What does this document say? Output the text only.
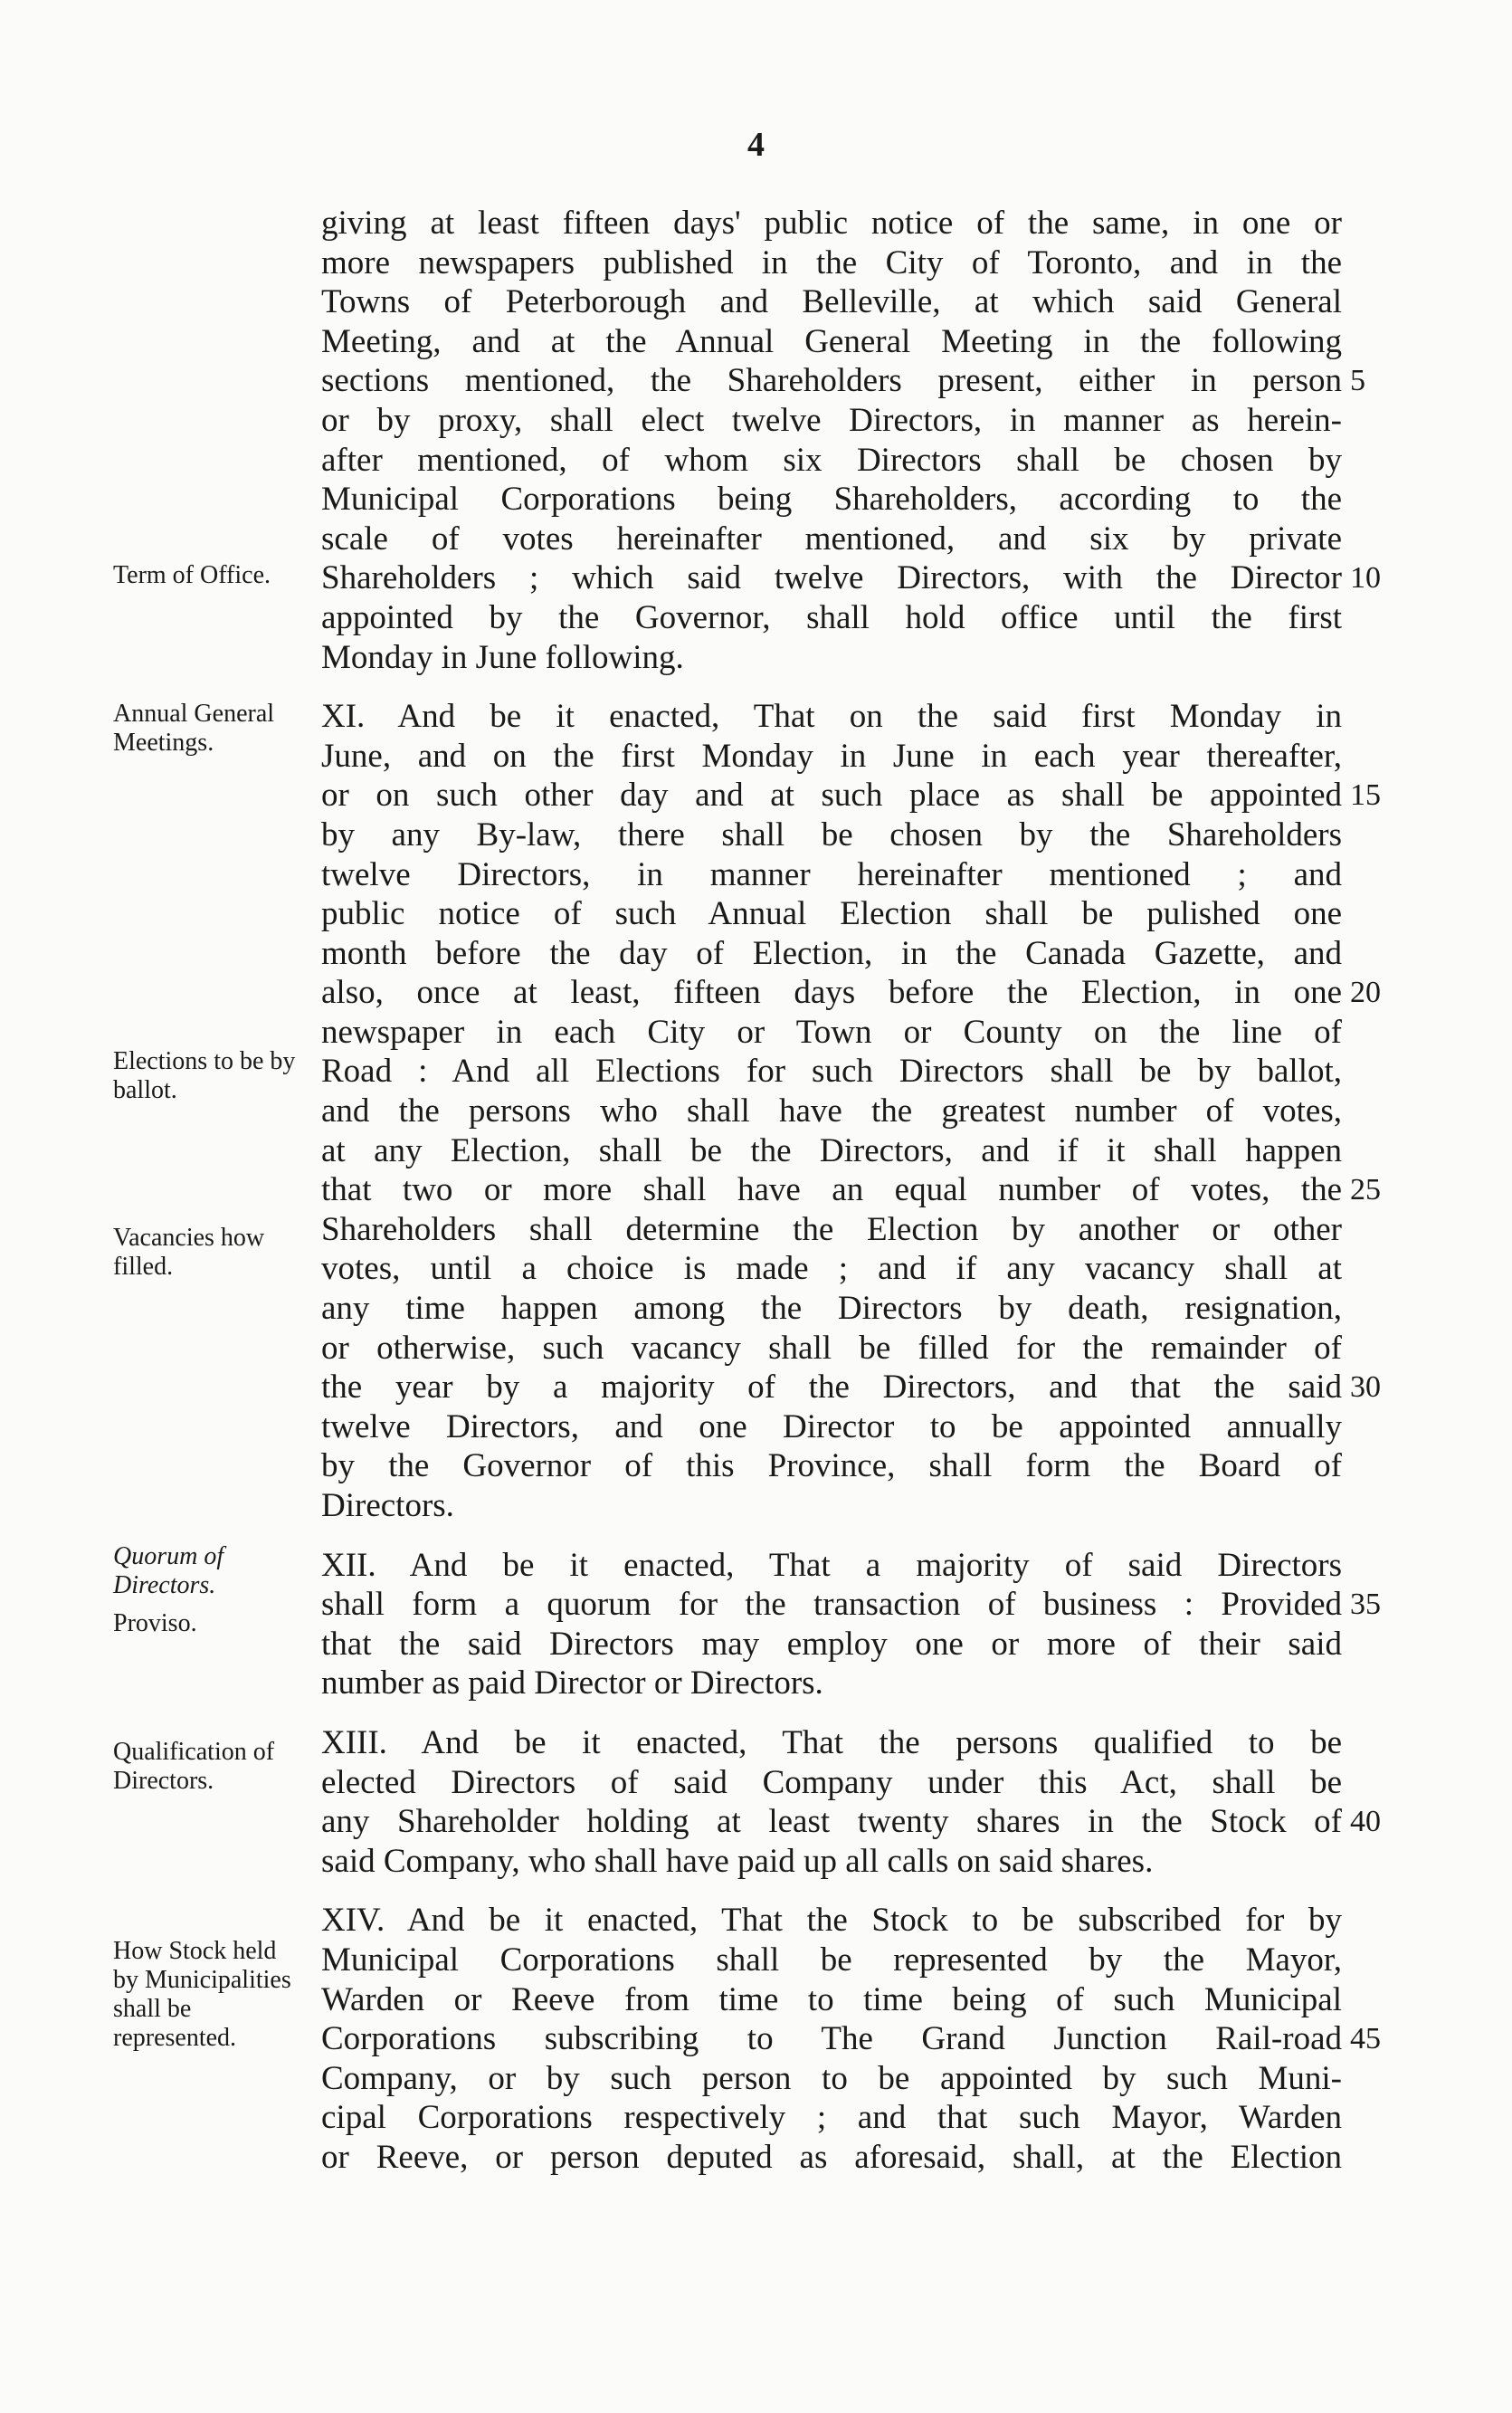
4
giving at least fifteen days' public notice of the same, in one or
more newspapers published in the City of Toronto, and in the
Towns of Peterborough and Belleville, at which said General
Meeting, and at the Annual General Meeting in the following
sections mentioned, the Shareholders present, either in person
or by proxy, shall elect twelve Directors, in manner as herein-
after mentioned, of whom six Directors shall be chosen by
Municipal Corporations being Shareholders, according to the
scale of votes hereinafter mentioned, and six by private
Shareholders ; which said twelve Directors, with the Director
appointed by the Governor, shall hold office until the first
Monday in June following.
XI. And be it enacted, That on the said first Monday in
June, and on the first Monday in June in each year thereafter,
or on such other day and at such place as shall be appointed
by any By-law, there shall be chosen by the Shareholders
twelve Directors, in manner hereinafter mentioned ; and
public notice of such Annual Election shall be pulished one
month before the day of Election, in the Canada Gazette, and
also, once at least, fifteen days before the Election, in one
newspaper in each City or Town or County on the line of
Road : And all Elections for such Directors shall be by ballot,
and the persons who shall have the greatest number of votes,
at any Election, shall be the Directors, and if it shall happen
that two or more shall have an equal number of votes, the
Shareholders shall determine the Election by another or other
votes, until a choice is made ; and if any vacancy shall at
any time happen among the Directors by death, resignation,
or otherwise, such vacancy shall be filled for the remainder of
the year by a majority of the Directors, and that the said
twelve Directors, and one Director to be appointed annually
by the Governor of this Province, shall form the Board of
Directors.
XII. And be it enacted, That a majority of said Directors
shall form a quorum for the transaction of business : Provided
that the said Directors may employ one or more of their said
number as paid Director or Directors.
XIII. And be it enacted, That the persons qualified to be
elected Directors of said Company under this Act, shall be
any Shareholder holding at least twenty shares in the Stock of
said Company, who shall have paid up all calls on said shares.
XIV. And be it enacted, That the Stock to be subscribed for by
Municipal Corporations shall be represented by the Mayor,
Warden or Reeve from time to time being of such Municipal
Corporations subscribing to The Grand Junction Rail-road
Company, or by such person to be appointed by such Muni-
cipal Corporations respectively ; and that such Mayor, Warden
or Reeve, or person deputed as aforesaid, shall, at the Election
5
10
15
20
25
30
35
40
45
Term of Office.
Annual General Meetings.
Elections to be by ballot.
Vacancies how filled.
Quorum of Directors.
Proviso.
Qualification of Directors.
How Stock held by Municipalities shall be represented.
